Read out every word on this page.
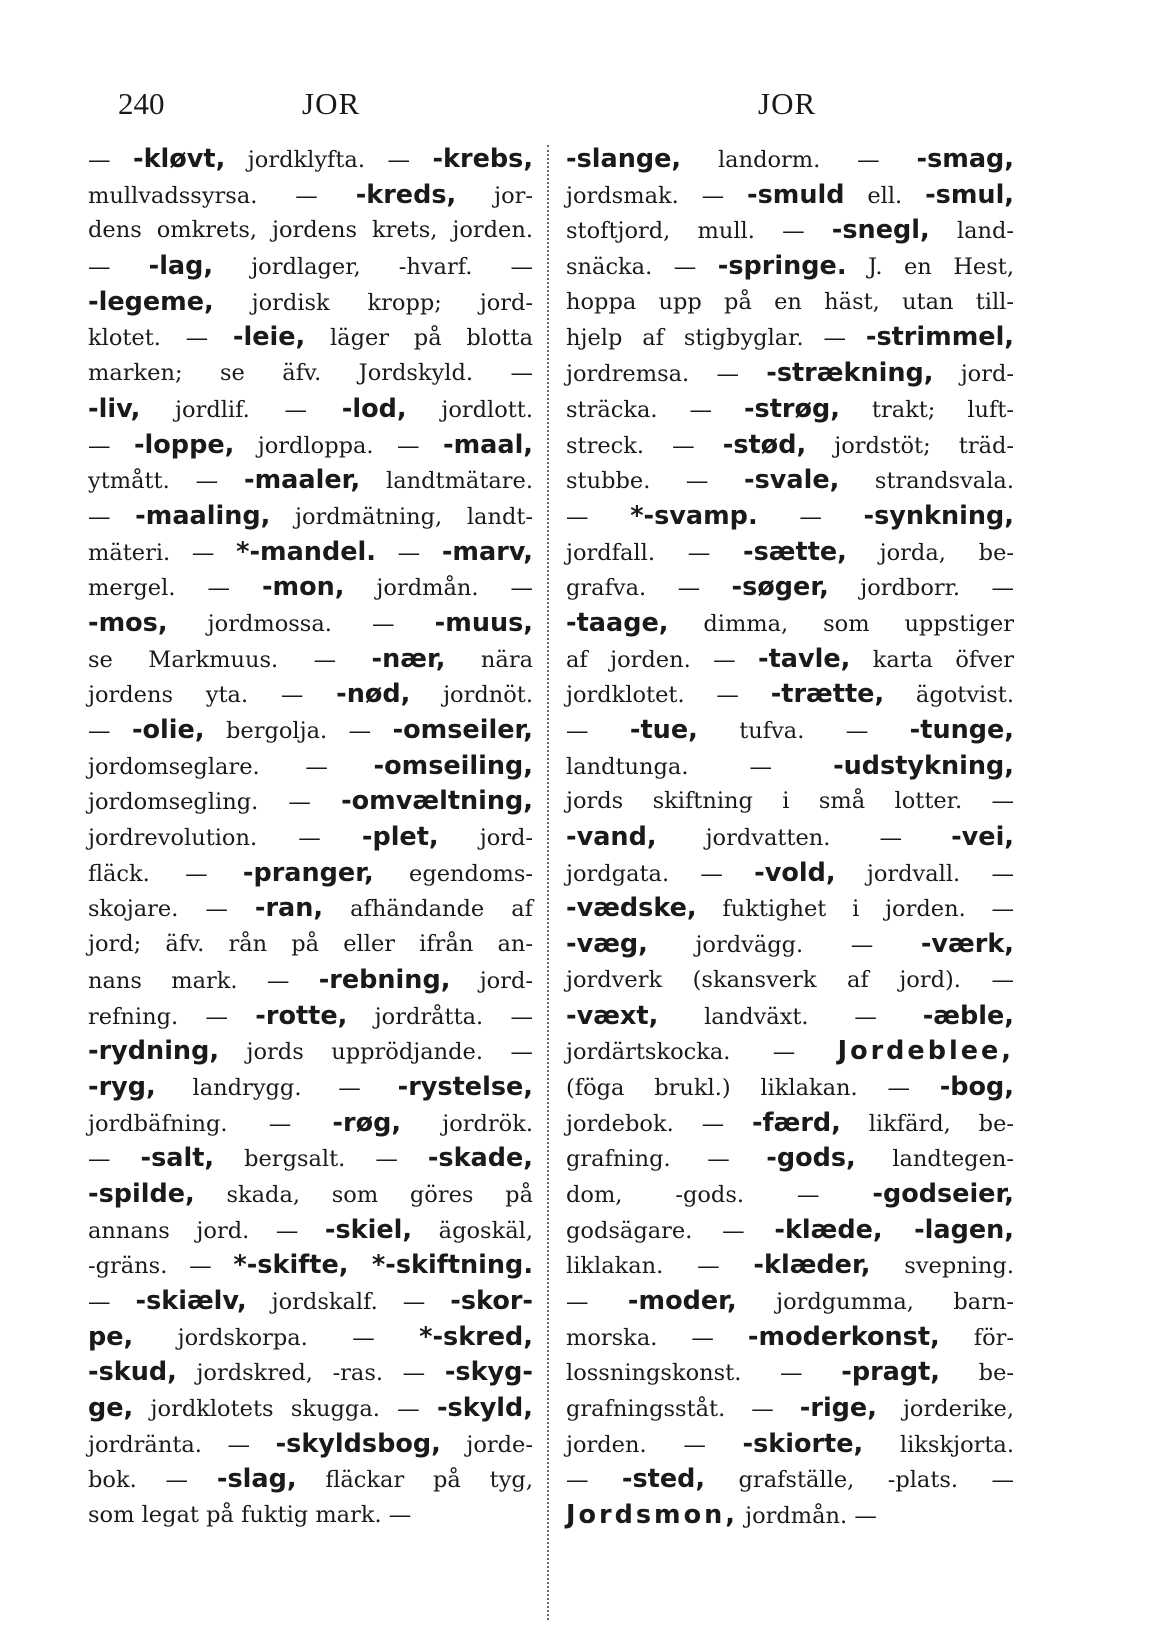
240	JOR	JOR
— -kløvt, jordklyfta. — -krebs,
mullvadssyrsa. — -kreds, jor-
dens omkrets, jordens krets, jorden.
— -lag, jordlager, -hvarf. —
-legeme, jordisk kropp; jord-
klotet. — -leie, läger på blotta
marken; se äfv. Jordskyld. —
-liv, jordlif. — -lod, jordlott.
— -loppe, jordloppa. — -maal,
ytmått. — -maaler, landtmätare.
— -maaling, jordmätning, landt-
mäteri. — *-mandel. — -marv,
mergel. — -mon, jordmån. —
-mos, jordmossa. — -muus,
se Markmuus. — -nær, nära
jordens yta. — -nød, jordnöt.
— -olie, bergolja. — -omseiler,
jordomseglare. — -omseiling,
jordomsegling. — -omvæltning,
jordrevolution. — -plet, jord-
fläck. — -pranger, egendoms-
skojare. — -ran, afhändande af
jord; äfv. rån på eller ifrån an-
nans mark. — -rebning, jord-
refning. — -rotte, jordråtta. —
-rydning, jords upprödjande. —
-ryg, landrygg. — -rystelse,
jordbäfning. — -røg, jordrök.
— -salt, bergsalt. — -skade,
-spilde, skada, som göres på
annans jord. — -skiel, ägoskäl,
-gräns. — *-skifte, *-skiftning.
— -skiælv, jordskalf. — -skor-
pe, jordskorpa. — *-skred,
-skud, jordskred, -ras. — -skyg-
ge, jordklotets skugga. — -skyld,
jordränta. — -skyldsbog, jorde-
bok. — -slag, fläckar på tyg,
som legat på fuktig mark. —
-slange, landorm. — -smag,
jordsmak. — -smuld ell. -smul,
stoftjord, mull. — -snegl, land-
snäcka. — -springe. J. en Hest,
hoppa upp på en häst, utan till-
hjelp af stigbyglar. — -strimmel,
jordremsa. — -strækning, jord-
sträcka. — -strøg, trakt; luft-
streck. — -stød, jordstöt; träd-
stubbe. — -svale, strandsvala.
— *-svamp. — -synkning,
jordfall. — -sætte, jorda, be-
grafva. — -søger, jordborr. —
-taage, dimma, som uppstiger
af jorden. — -tavle, karta öfver
jordklotet. — -trætte, ägotvist.
— -tue, tufva. — -tunge,
landtunga. — -udstykning,
jords skiftning i små lotter. —
-vand, jordvatten. — -vei,
jordgata. — -vold, jordvall. —
-vædske, fuktighet i jorden. —
-væg, jordvägg. — -værk,
jordverk (skansverk af jord). —
-væxt, landväxt. — -æble,
jordärtskocka. — Jordeblee,
(föga brukl.) liklakan. — -bog,
jordebok. — -færd, likfärd, be-
grafning. — -gods, landtegen-
dom, -gods. — -godseier,
godsägare. — -klæde, -lagen,
liklakan. — -klæder, svepning.
— -moder, jordgumma, barn-
morska. — -moderkonst, för-
lossningskonst. — -pragt, be-
grafningsståt. — -rige, jorderike,
jorden. — -skiorte, likskjorta.
— -sted, grafställe, -plats. —
Jordsmon, jordmån. —
